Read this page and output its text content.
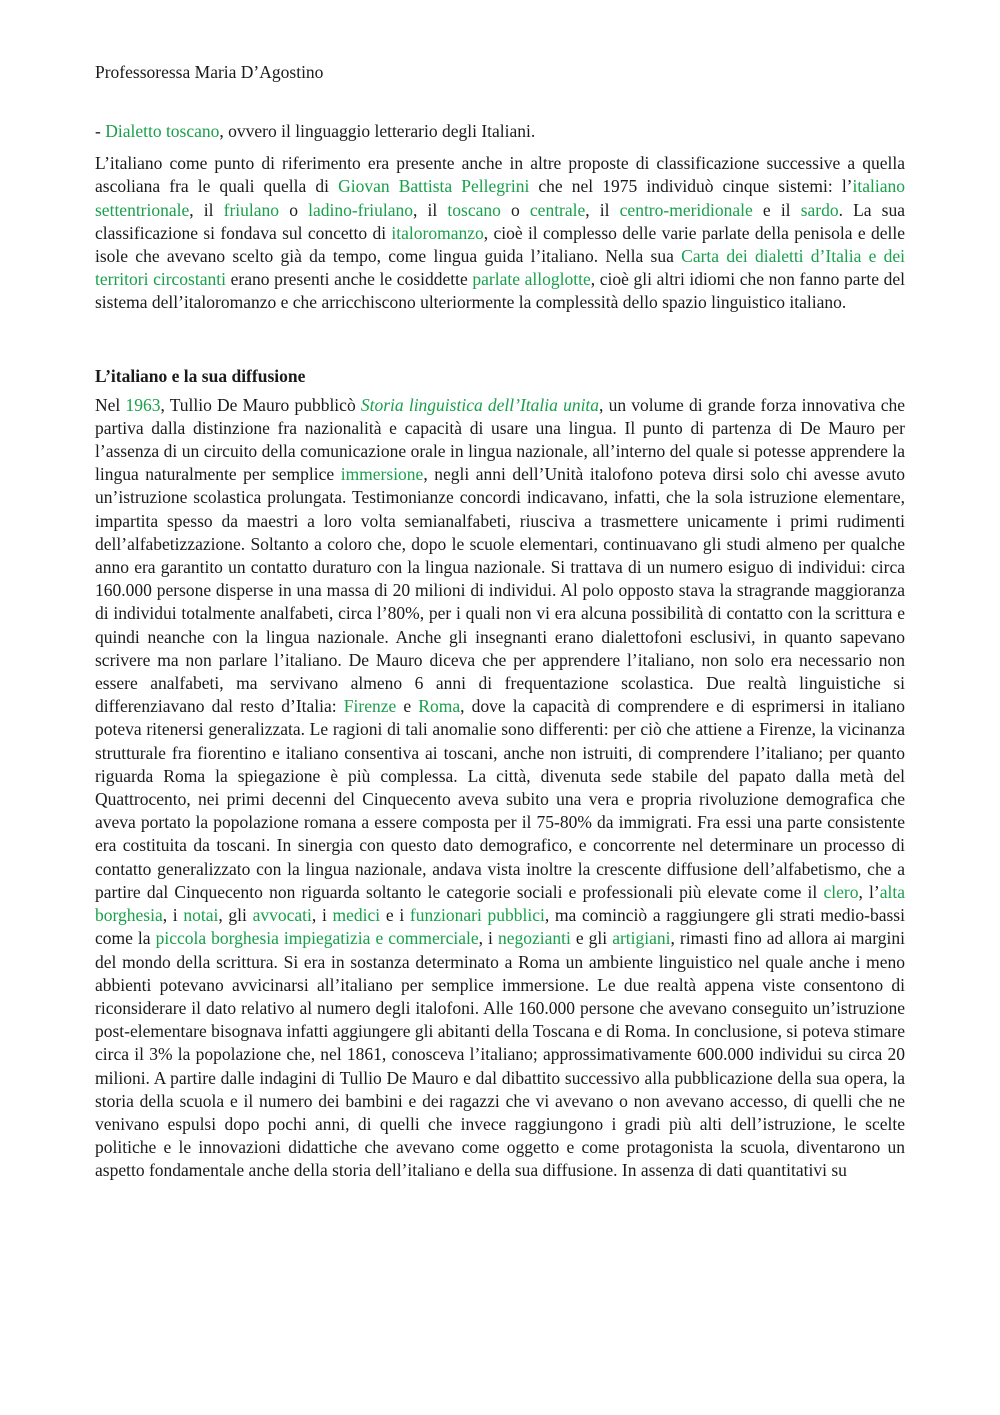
Professoressa Maria D’Agostino

- Dialetto toscano, ovvero il linguaggio letterario degli Italiani.

L’italiano come punto di riferimento era presente anche in altre proposte di classificazione successive a quella ascoliana fra le quali quella di Giovan Battista Pellegrini che nel 1975 individuò cinque sistemi: l’italiano settentrionale, il friulano o ladino-friulano, il toscano o centrale, il centro-meridionale e il sardo. La sua classificazione si fondava sul concetto di italoromanzo, cioè il complesso delle varie parlate della penisola e delle isole che avevano scelto già da tempo, come lingua guida l’italiano. Nella sua Carta dei dialetti d’Italia e dei territori circostanti erano presenti anche le cosiddette parlate alloglotte, cioè gli altri idiomi che non fanno parte del sistema dell’italoromanzo e che arricchiscono ulteriormente la complessità dello spazio linguistico italiano.

L’italiano e la sua diffusione

Nel 1963, Tullio De Mauro pubblicò Storia linguistica dell’Italia unita, un volume di grande forza innovativa che partiva dalla distinzione fra nazionalità e capacità di usare una lingua. Il punto di partenza di De Mauro per l’assenza di un circuito della comunicazione orale in lingua nazionale, all’interno del quale si potesse apprendere la lingua naturalmente per semplice immersione, negli anni dell’Unità italofono poteva dirsi solo chi avesse avuto un’istruzione scolastica prolungata. Testimonianze concordi indicavano, infatti, che la sola istruzione elementare, impartita spesso da maestri a loro volta semianalfabeti, riusciva a trasmettere unicamente i primi rudimenti dell’alfabetizzazione. Soltanto a coloro che, dopo le scuole elementari, continuavano gli studi almeno per qualche anno era garantito un contatto duraturo con la lingua nazionale. Si trattava di un numero esiguo di individui: circa 160.000 persone disperse in una massa di 20 milioni di individui. Al polo opposto stava la stragrande maggioranza di individui totalmente analfabeti, circa l’80%, per i quali non vi era alcuna possibilità di contatto con la scrittura e quindi neanche con la lingua nazionale. Anche gli insegnanti erano dialettofoni esclusivi, in quanto sapevano scrivere ma non parlare l’italiano. De Mauro diceva che per apprendere l’italiano, non solo era necessario non essere analfabeti, ma servivano almeno 6 anni di frequentazione scolastica. Due realtà linguistiche si differenziavano dal resto d’Italia: Firenze e Roma, dove la capacità di comprendere e di esprimersi in italiano poteva ritenersi generalizzata. Le ragioni di tali anomalie sono differenti: per ciò che attiene a Firenze, la vicinanza strutturale fra fiorentino e italiano consentiva ai toscani, anche non istruiti, di comprendere l’italiano; per quanto riguarda Roma la spiegazione è più complessa. La città, divenuta sede stabile del papato dalla metà del Quattrocento, nei primi decenni del Cinquecento aveva subito una vera e propria rivoluzione demografica che aveva portato la popolazione romana a essere composta per il 75-80% da immigrati. Fra essi una parte consistente era costituita da toscani. In sinergia con questo dato demografico, e concorrente nel determinare un processo di contatto generalizzato con la lingua nazionale, andava vista inoltre la crescente diffusione dell’alfabetismo, che a partire dal Cinquecento non riguarda soltanto le categorie sociali e professionali più elevate come il clero, l’alta borghesia, i notai, gli avvocati, i medici e i funzionari pubblici, ma cominciò a raggiungere gli strati medio-bassi come la piccola borghesia impiegatizia e commerciale, i negozianti e gli artigiani, rimasti fino ad allora ai margini del mondo della scrittura. Si era in sostanza determinato a Roma un ambiente linguistico nel quale anche i meno abbienti potevano avvicinarsi all’italiano per semplice immersione. Le due realtà appena viste consentono di riconsiderare il dato relativo al numero degli italofoni. Alle 160.000 persone che avevano conseguito un’istruzione post-elementare bisognava infatti aggiungere gli abitanti della Toscana e di Roma. In conclusione, si poteva stimare circa il 3% la popolazione che, nel 1861, conosceva l’italiano; approssimativamente 600.000 individui su circa 20 milioni. A partire dalle indagini di Tullio De Mauro e dal dibattito successivo alla pubblicazione della sua opera, la storia della scuola e il numero dei bambini e dei ragazzi che vi avevano o non avevano accesso, di quelli che ne venivano espulsi dopo pochi anni, di quelli che invece raggiungono i gradi più alti dell’istruzione, le scelte politiche e le innovazioni didattiche che avevano come oggetto e come protagonista la scuola, diventarono un aspetto fondamentale anche della storia dell’italiano e della sua diffusione. In assenza di dati quantitativi su
